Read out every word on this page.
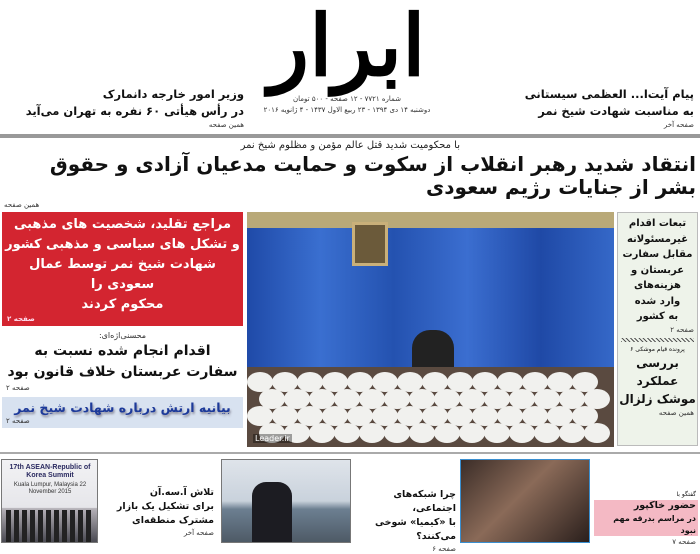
ابرار
شماره ۷۷۲۱ - ۱۲ صفحه - ۵۰۰ تومان
دوشنبه ۱۴ دی ۱۳۹۴ - ۲۳ ربیع الاول ۱۴۳۷ - ۴ ژانویه ۲۰۱۶
پیام آیت‌ا... العظمی سیستانی
به مناسبت شهادت شیخ نمر
صفحه آخر
وزیر امور خارجه دانمارک
در رأس هیأتی ۶۰ نفره به تهران می‌آید
همین صفحه
با محکومیت شدید قتل عالم مؤمن و مظلوم شیخ نمر
انتقاد شدید رهبر انقلاب از سکوت و حمایت مدعیان آزادی و حقوق بشر از جنایات رژیم سعودی
همین صفحه
مراجع تقلید، شخصیت های مذهبی
و تشکل های سیاسی و مذهبی کشور
شهادت شیخ نمر توسط عمال سعودی را
محکوم کردند
صفحه ۲
محسنی‌اژه‌ای:
اقدام انجام شده نسبت به
سفارت عربستان خلاف قانون بود
صفحه ۲
بیانیه ارتش درباره شهادت شیخ نمر
صفحه ۲
Leader.ir
تبعات اقدام
غیرمسئولانه
مقابل سفارت
عربستان و
هزینه‌های
وارد شده
به کشور
صفحه ۲
پرونده قیام موشکی ۶
بررسی
عملکرد
موشک زلزال
همین صفحه
گفتگو با
حضور خاکپور
در مراسم بدرقه مهم نبود
صفحه ۷
چرا شبکه‌های اجتماعی،
با «کیمیا» شوخی می‌کنند؟
صفحه ۶
تلاش آ.سه.آن
برای تشکیل یک بازار
مشترک منطقه‌ای
صفحه آخر
17th ASEAN-Republic of Korea Summit
Kuala Lumpur, Malaysia 22 November 2015
